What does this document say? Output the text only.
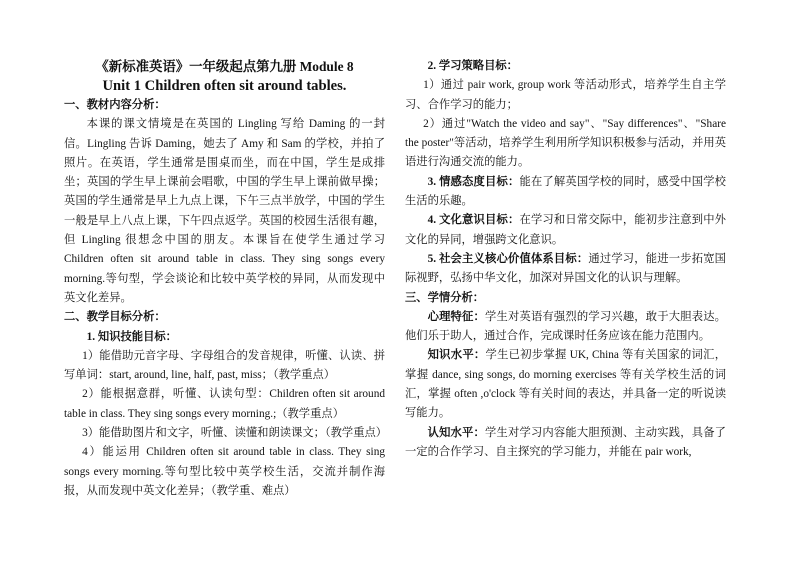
《新标准英语》一年级起点第九册 Module 8

Unit 1 Children often sit around tables.

一、教材内容分析：

本课的课文情境是在英国的 Lingling 写给 Daming 的一封信。Lingling 告诉 Daming，她去了 Amy 和 Sam 的学校，并拍了照片。在英语，学生通常是围桌而坐，而在中国，学生是成排坐；英国的学生早上课前会唱歌，中国的学生早上课前做早操；英国的学生通常是早上九点上课，下午三点半放学，中国的学生一般是早上八点上课，下午四点返学。英国的校园生活很有趣，但 Lingling 很想念中国的朋友。本课旨在使学生通过学习 Children often sit around table in class. They sing songs every morning.等句型，学会谈论和比较中英学校的异同，从而发现中英文化差异。

二、教学目标分析：

1. 知识技能目标：

1）能借助元音字母、字母组合的发音规律，听懂、认读、拼写单词：start, around, line, half, past, miss；（教学重点）

2）能根据意群，听懂、认读句型：Children often sit around table in class. They sing songs every morning.;（教学重点）

3）能借助图片和文字，听懂、读懂和朗读课文；（教学重点）

4）能运用 Children often sit around table in class. They sing songs every morning.等句型比较中英学校生活，交流并制作海报，从而发现中英文化差异；（教学重、难点）

2. 学习策略目标：

1）通过 pair work, group work 等活动形式，培养学生自主学习、合作学习的能力；

2）通过"Watch the video and say"、"Say differences"、"Share the poster"等活动，培养学生利用所学知识积极参与活动，并用英语进行沟通交流的能力。

3. 情感态度目标：能在了解英国学校的同时，感受中国学校生活的乐趣。

4. 文化意识目标：在学习和日常交际中，能初步注意到中外文化的异同，增强跨文化意识。

5. 社会主义核心价值体系目标：通过学习，能进一步拓宽国际视野，弘扬中华文化，加深对异国文化的认识与理解。

三、学情分析：

心理特征：学生对英语有强烈的学习兴趣，敢于大胆表达。他们乐于助人，通过合作，完成课时任务应该在能力范围内。

知识水平：学生已初步掌握 UK, China 等有关国家的词汇，掌握 dance, sing songs, do morning exercises 等有关学校生活的词汇，掌握 often ,o'clock 等有关时间的表达，并具备一定的听说读写能力。

认知水平：学生对学习内容能大胆预测、主动实践，具备了一定的合作学习、自主探究的学习能力，并能在 pair work,
